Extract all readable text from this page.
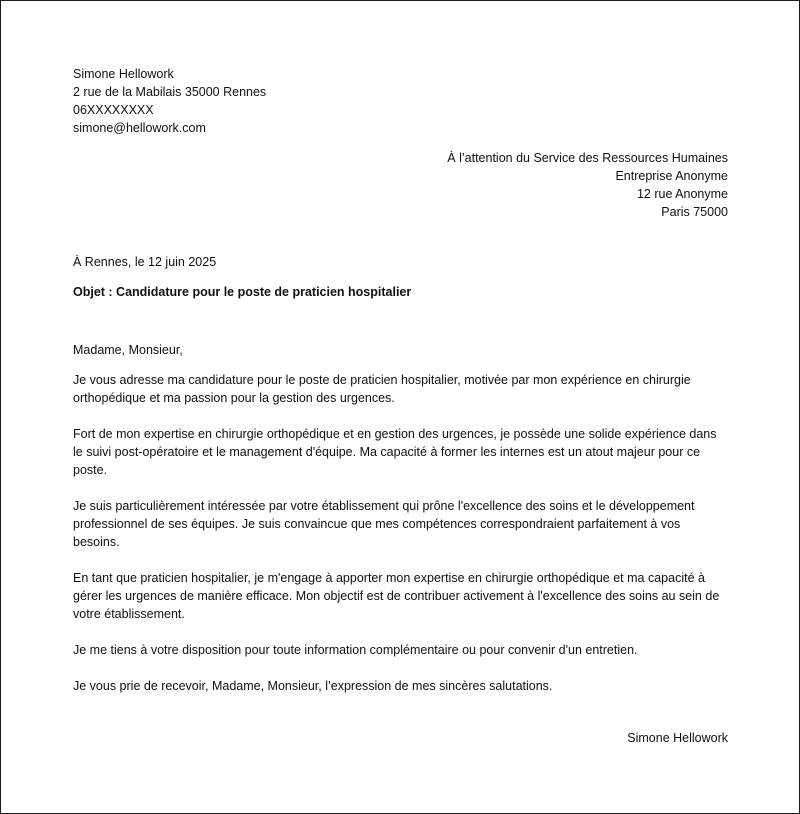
Simone Hellowork
2 rue de la Mabilais 35000 Rennes
06XXXXXXXX
simone@hellowork.com
À l’attention du Service des Ressources Humaines
Entreprise Anonyme
12 rue Anonyme
Paris 75000
À Rennes, le 12 juin 2025
Objet : Candidature pour le poste de praticien hospitalier
Madame, Monsieur,
Je vous adresse ma candidature pour le poste de praticien hospitalier, motivée par mon expérience en chirurgie orthopédique et ma passion pour la gestion des urgences.
Fort de mon expertise en chirurgie orthopédique et en gestion des urgences, je possède une solide expérience dans le suivi post-opératoire et le management d'équipe. Ma capacité à former les internes est un atout majeur pour ce poste.
Je suis particulièrement intéressée par votre établissement qui prône l'excellence des soins et le développement professionnel de ses équipes. Je suis convaincue que mes compétences correspondraient parfaitement à vos besoins.
En tant que praticien hospitalier, je m'engage à apporter mon expertise en chirurgie orthopédique et ma capacité à gérer les urgences de manière efficace. Mon objectif est de contribuer activement à l'excellence des soins au sein de votre établissement.
Je me tiens à votre disposition pour toute information complémentaire ou pour convenir d'un entretien.
Je vous prie de recevoir, Madame, Monsieur, l’expression de mes sincères salutations.
Simone Hellowork
